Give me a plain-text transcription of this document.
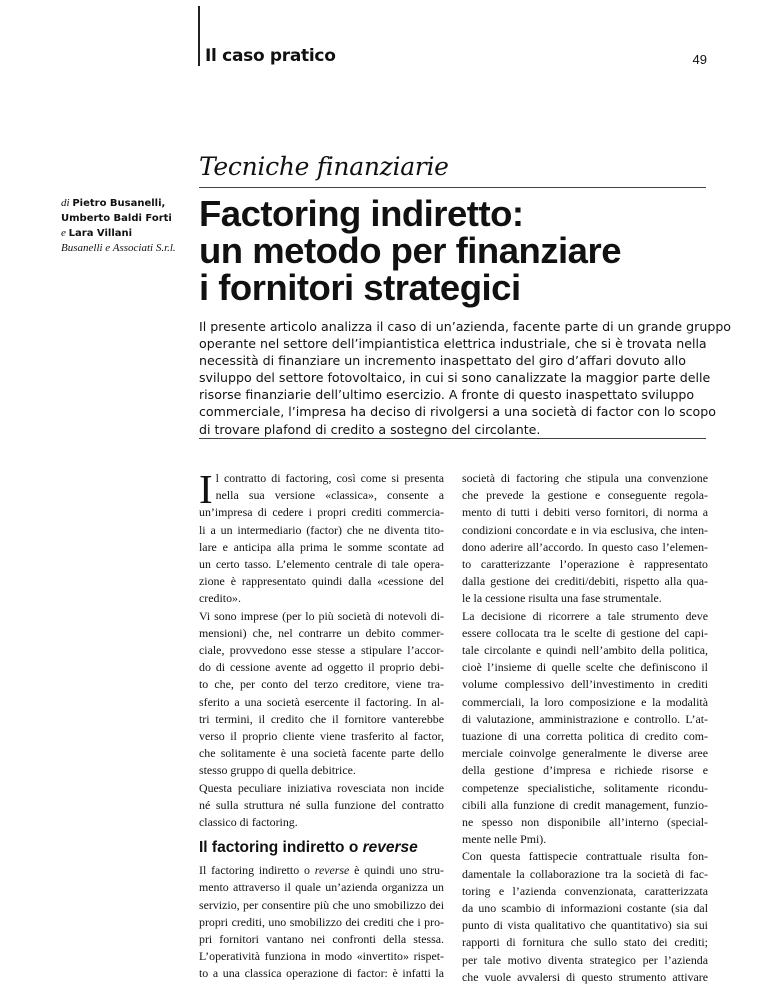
Il caso pratico	49
Tecniche finanziarie
di Pietro Busanelli,
Umberto Baldi Forti
e Lara Villani
Busanelli e Associati S.r.l.
Factoring indiretto:
un metodo per finanziare
i fornitori strategici
Il presente articolo analizza il caso di un’azienda, facente parte di un grande gruppo
operante nel settore dell’impiantistica elettrica industriale, che si è trovata nella
necessità di finanziare un incremento inaspettato del giro d’affari dovuto allo
sviluppo del settore fotovoltaico, in cui si sono canalizzate la maggior parte delle
risorse finanziarie dell’ultimo esercizio. A fronte di questo inaspettato sviluppo
commerciale, l’impresa ha deciso di rivolgersi a una società di factor con lo scopo
di trovare plafond di credito a sostegno del circolante.
I l contratto di factoring, così come si presenta
nella sua versione «classica», consente a
un’impresa di cedere i propri crediti commercia-
li a un intermediario (factor) che ne diventa tito-
lare e anticipa alla prima le somme scontate ad
un certo tasso. L’elemento centrale di tale opera-
zione è rappresentato quindi dalla «cessione del
credito».
Vi sono imprese (per lo più società di notevoli di-
mensioni) che, nel contrarre un debito commer-
ciale, provvedono esse stesse a stipulare l’accor-
do di cessione avente ad oggetto il proprio debi-
to che, per conto del terzo creditore, viene tra-
sferito a una società esercente il factoring. In al-
tri termini, il credito che il fornitore vanterebbe
verso il proprio cliente viene trasferito al factor,
che solitamente è una società facente parte dello
stesso gruppo di quella debitrice.
Questa peculiare iniziativa rovesciata non incide
né sulla struttura né sulla funzione del contratto
classico di factoring.
Il factoring indiretto o reverse
Il factoring indiretto o reverse è quindi uno stru-
mento attraverso il quale un’azienda organizza un
servizio, per consentire più che uno smobilizzo dei
propri crediti, uno smobilizzo dei crediti che i pro-
pri fornitori vantano nei confronti della stessa.
L’operatività funziona in modo «invertito» rispet-
to a una classica operazione di factor: è infatti la
società di factoring che stipula una convenzione
che prevede la gestione e conseguente regola-
mento di tutti i debiti verso fornitori, di norma a
condizioni concordate e in via esclusiva, che inten-
dono aderire all’accordo. In questo caso l’elemen-
to caratterizzante l’operazione è rappresentato
dalla gestione dei crediti/debiti, rispetto alla qua-
le la cessione risulta una fase strumentale.
La decisione di ricorrere a tale strumento deve
essere collocata tra le scelte di gestione del capi-
tale circolante e quindi nell’ambito della politica,
cioè l’insieme di quelle scelte che definiscono il
volume complessivo dell’investimento in crediti
commerciali, la loro composizione e la modalità
di valutazione, amministrazione e controllo. L’at-
tuazione di una corretta politica di credito com-
merciale coinvolge generalmente le diverse aree
della gestione d’impresa e richiede risorse e
competenze specialistiche, solitamente ricondu-
cibili alla funzione di credit management, funzio-
ne spesso non disponibile all’interno (special-
mente nelle Pmi).
Con questa fattispecie contrattuale risulta fon-
damentale la collaborazione tra la società di fac-
toring e l’azienda convenzionata, caratterizzata
da uno scambio di informazioni costante (sia dal
punto di vista qualitativo che quantitativo) sia sui
rapporti di fornitura che sullo stato dei crediti;
per tale motivo diventa strategico per l’azienda
che vuole avvalersi di questo strumento attivare
